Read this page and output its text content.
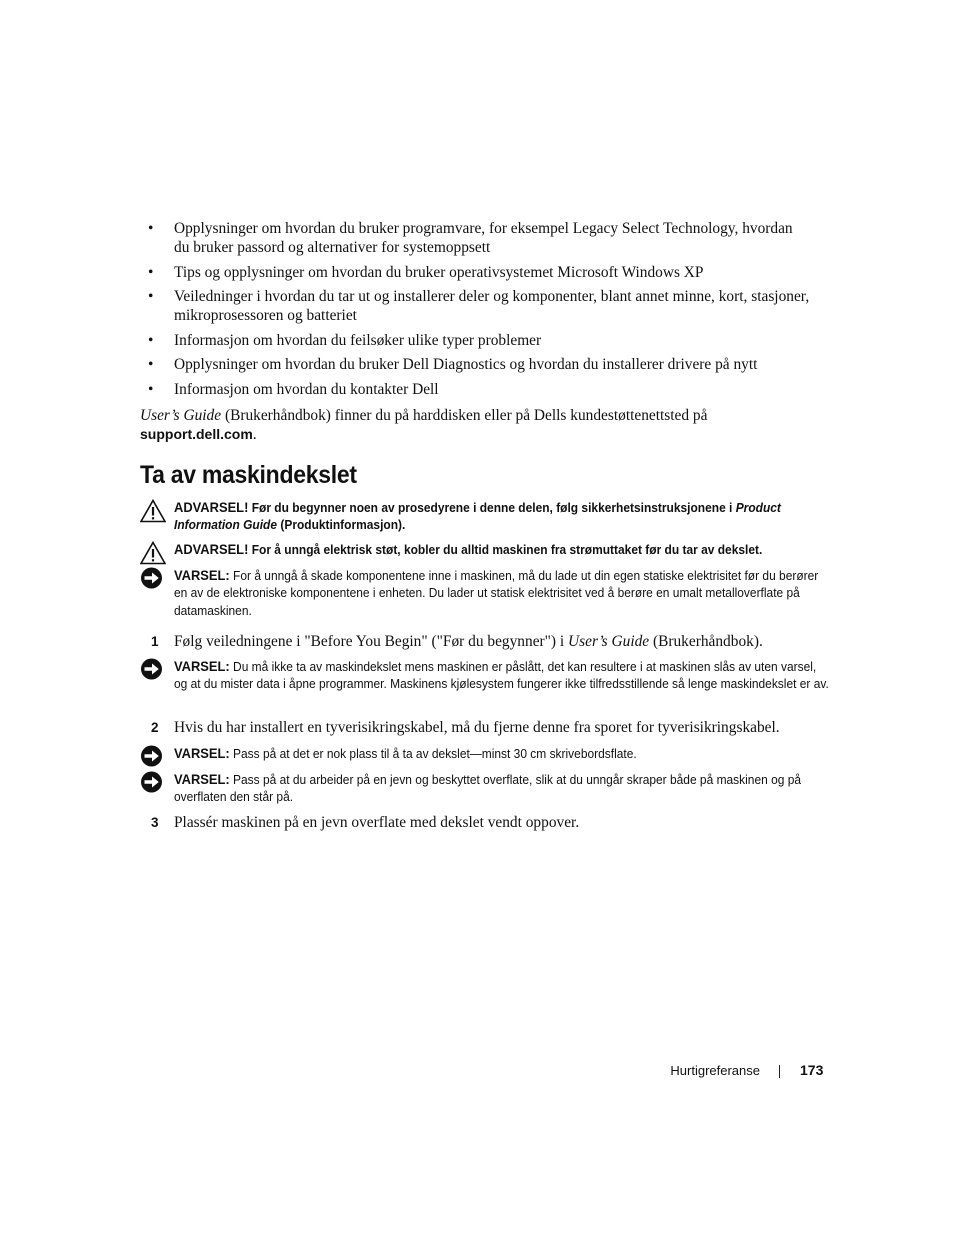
• Opplysninger om hvordan du bruker programvare, for eksempel Legacy Select Technology, hvordan du bruker passord og alternativer for systemoppsett
• Tips og opplysninger om hvordan du bruker operativsystemet Microsoft Windows XP
• Veiledninger i hvordan du tar ut og installerer deler og komponenter, blant annet minne, kort, stasjoner, mikroprosessoren og batteriet
• Informasjon om hvordan du feilsøker ulike typer problemer
• Opplysninger om hvordan du bruker Dell Diagnostics og hvordan du installerer drivere på nytt
• Informasjon om hvordan du kontakter Dell

User’s Guide (Brukerhåndbok) finner du på harddisken eller på Dells kundestøttenettsted på support.dell.com.

Ta av maskindekslet
ADVARSEL! Før du begynner noen av prosedyrene i denne delen, følg sikkerhetsinstruksjonene i Product Information Guide (Produktinformasjon).
ADVARSEL! For å unngå elektrisk støt, kobler du alltid maskinen fra strømuttaket før du tar av dekslet.
VARSEL: For å unngå å skade komponentene inne i maskinen, må du lade ut din egen statiske elektrisitet før du berører en av de elektroniske komponentene i enheten. Du lader ut statisk elektrisitet ved å berøre en umalt metalloverflate på datamaskinen.
1 Følg veiledningene i "Before You Begin" ("Før du begynner") i User’s Guide (Brukerhåndbok).
VARSEL: Du må ikke ta av maskindekslet mens maskinen er påslått, det kan resultere i at maskinen slås av uten varsel, og at du mister data i åpne programmer. Maskinens kjølesystem fungerer ikke tilfredsstillende så lenge maskindekslet er av.
2 Hvis du har installert en tyverisikringskabel, må du fjerne denne fra sporet for tyverisikringskabel.
VARSEL: Pass på at det er nok plass til å ta av dekslet—minst 30 cm skrivebordsflate.
VARSEL: Pass på at du arbeider på en jevn og beskyttet overflate, slik at du unngår skraper både på maskinen og på overflaten den står på.
3 Plassér maskinen på en jevn overflate med dekslet vendt oppover.
Hurtigreferanse	173
